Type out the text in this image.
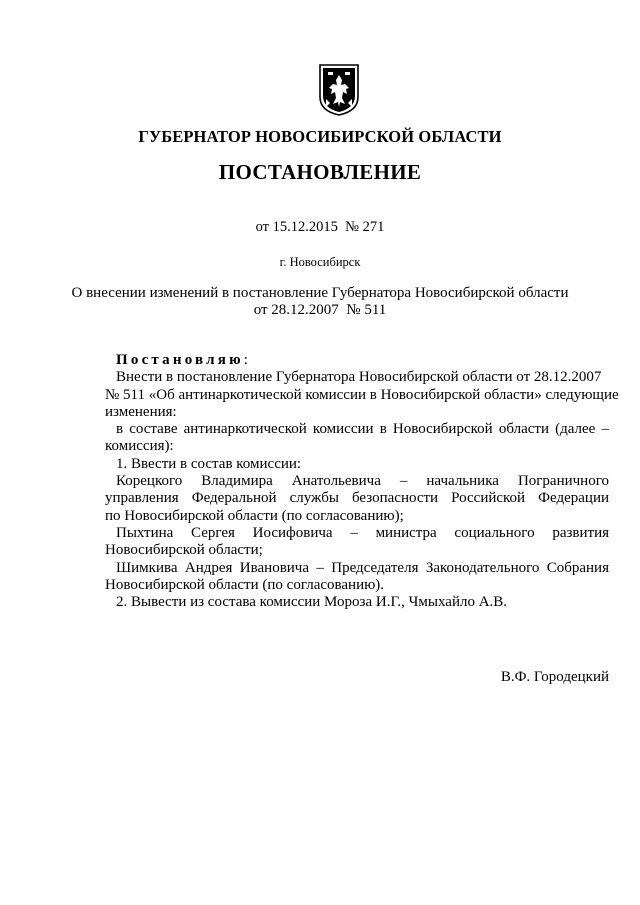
ГУБЕРНАТОР НОВОСИБИРСКОЙ ОБЛАСТИ
ПОСТАНОВЛЕНИЕ
от 15.12.2015  № 271
г. Новосибирск
О внесении изменений в постановление Губернатора Новосибирской области
от 28.12.2007  № 511
Постановляю:
Внести в постановление Губернатора Новосибирской области от 28.12.2007
№ 511 «Об антинаркотической комиссии в Новосибирской области» следующие
изменения:
в составе антинаркотической комиссии в Новосибирской области (далее –
комиссия):
1. Ввести в состав комиссии:
Корецкого Владимира Анатольевича – начальника Пограничного
управления Федеральной службы безопасности Российской Федерации
по Новосибирской области (по согласованию);
Пыхтина Сергея Иосифовича – министра социального развития
Новосибирской области;
Шимкива Андрея Ивановича – Председателя Законодательного Собрания
Новосибирской области (по согласованию).
2. Вывести из состава комиссии Мороза И.Г., Чмыхайло А.В.
В.Ф. Городецкий
